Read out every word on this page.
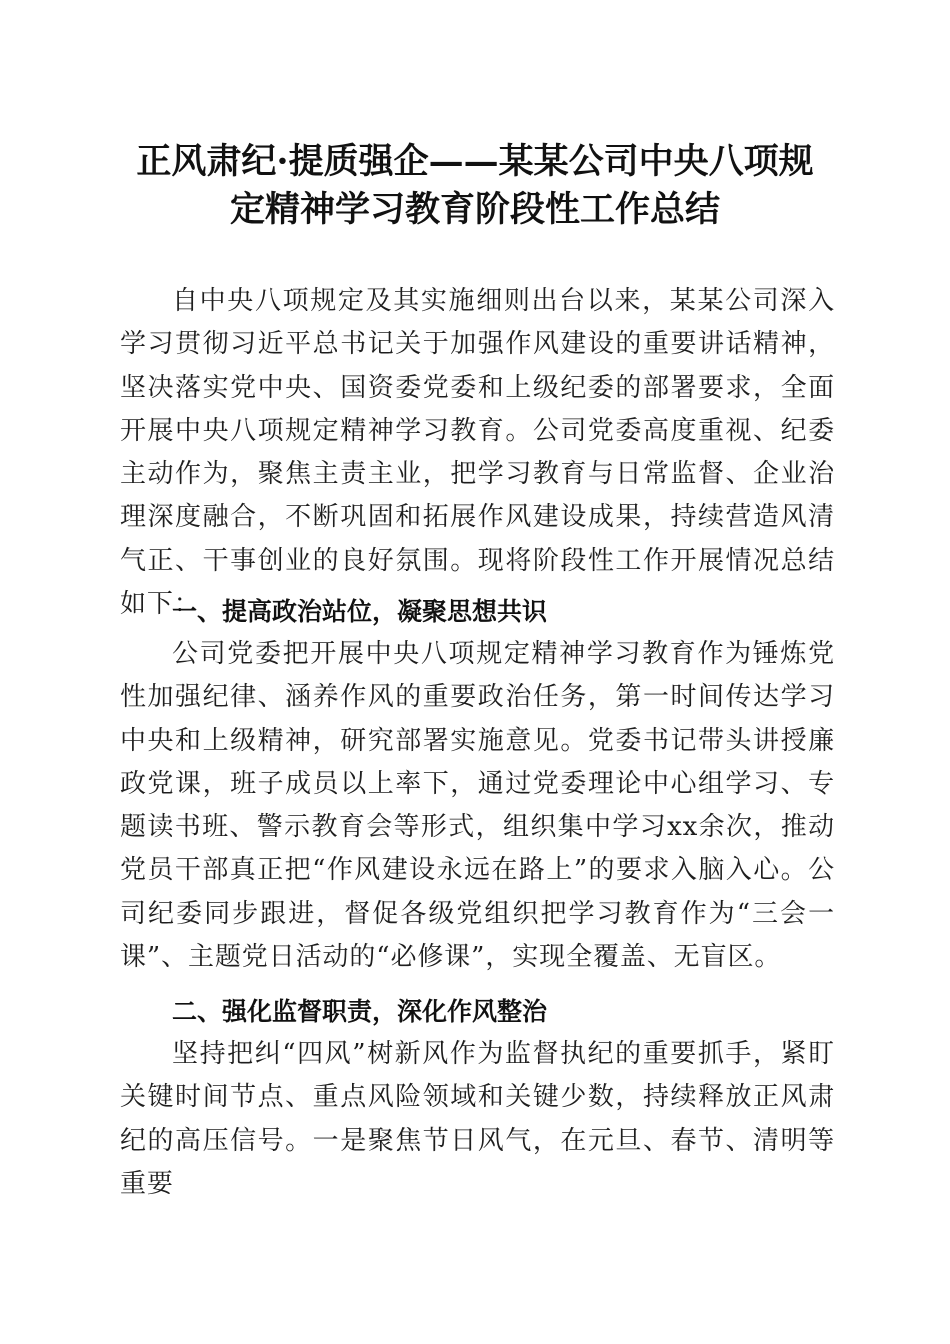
正风肃纪·提质强企——某某公司中央八项规
定精神学习教育阶段性工作总结

自中央八项规定及其实施细则出台以来，某某公司深入学习贯彻习近平总书记关于加强作风建设的重要讲话精神，坚决落实党中央、国资委党委和上级纪委的部署要求，全面开展中央八项规定精神学习教育。公司党委高度重视、纪委主动作为，聚焦主责主业，把学习教育与日常监督、企业治理深度融合，不断巩固和拓展作风建设成果，持续营造风清气正、干事创业的良好氛围。现将阶段性工作开展情况总结如下：

一、提高政治站位，凝聚思想共识

公司党委把开展中央八项规定精神学习教育作为锤炼党性加强纪律、涵养作风的重要政治任务，第一时间传达学习中央和上级精神，研究部署实施意见。党委书记带头讲授廉政党课，班子成员以上率下，通过党委理论中心组学习、专题读书班、警示教育会等形式，组织集中学习xx余次，推动党员干部真正把“作风建设永远在路上”的要求入脑入心。公司纪委同步跟进，督促各级党组织把学习教育作为“三会一课”、主题党日活动的“必修课”，实现全覆盖、无盲区。

二、强化监督职责，深化作风整治

坚持把纠“四风”树新风作为监督执纪的重要抓手，紧盯关键时间节点、重点风险领域和关键少数，持续释放正风肃纪的高压信号。一是聚焦节日风气，在元旦、春节、清明等重要
